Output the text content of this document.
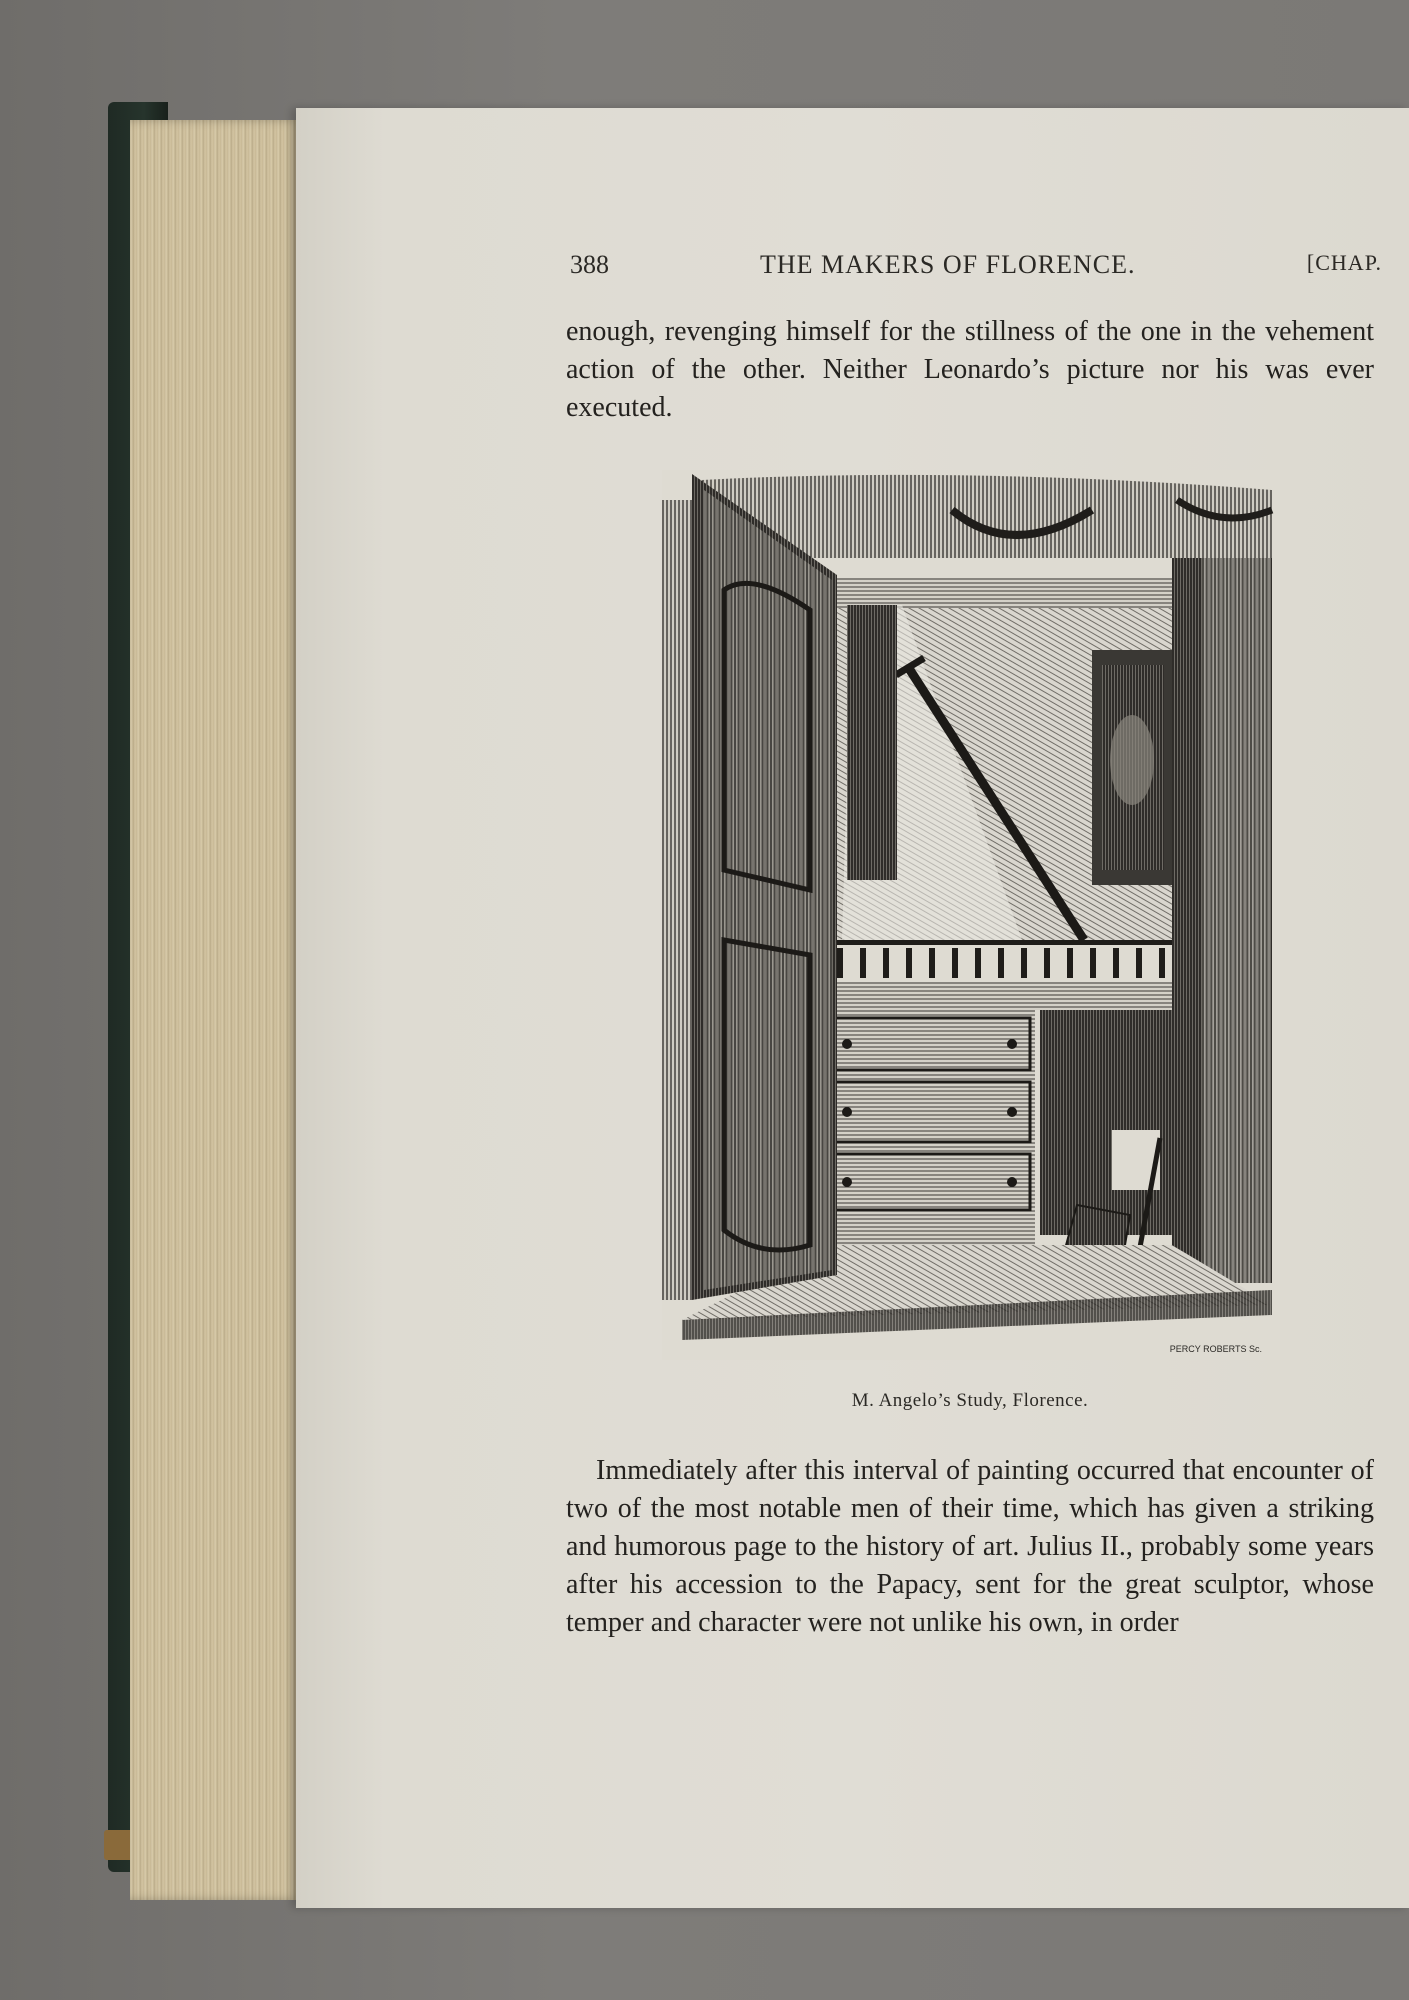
388	THE MAKERS OF FLORENCE.	[CHAP.

enough, revenging himself for the stillness of the one in the vehement action of the other. Neither Leonardo’s picture nor his was ever executed.

PERCY ROBERTS Sc.
M. Angelo’s Study, Florence.

Immediately after this interval of painting occurred that encounter of two of the most notable men of their time, which has given a striking and humorous page to the history of art. Julius II., probably some years after his accession to the Papacy, sent for the great sculptor, whose temper and character were not unlike his own, in order
